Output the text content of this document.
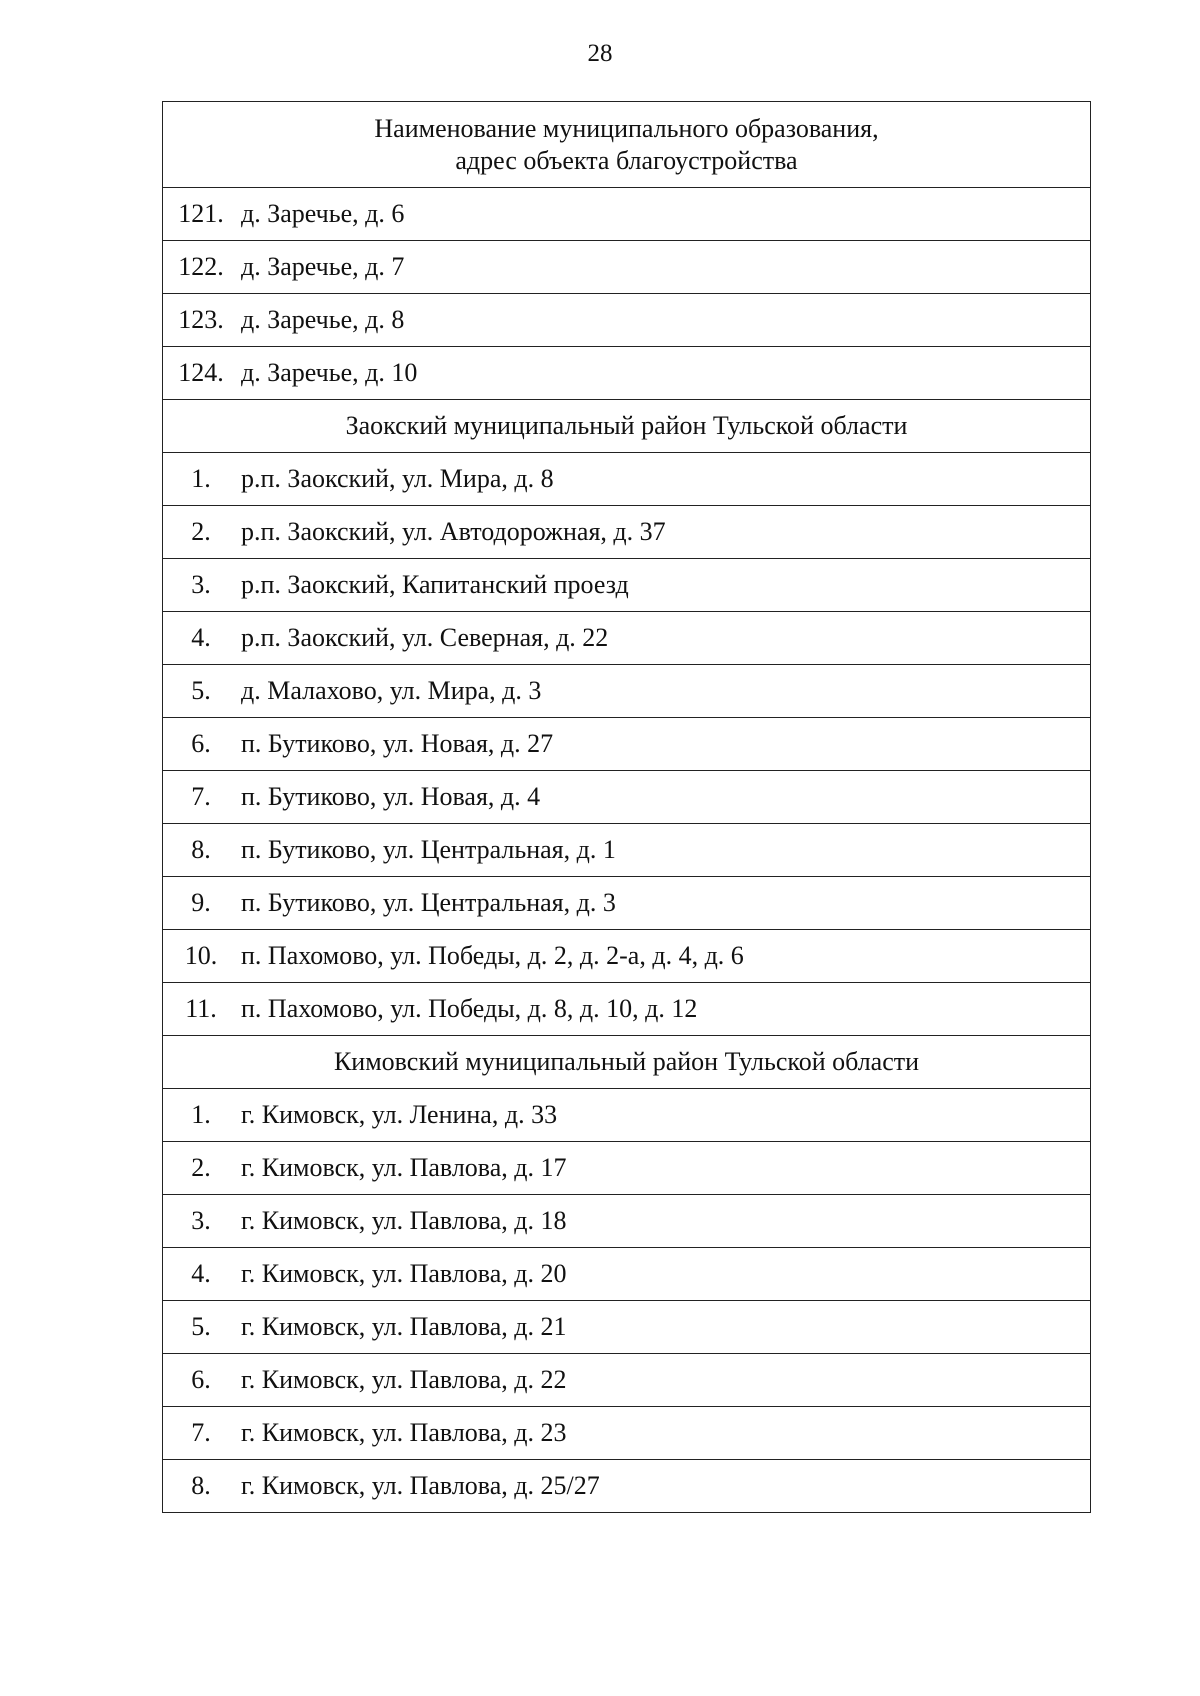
28
Наименование муниципального образования,
адрес объекта благоустройства	

121.	д. Заречье, д. 6
122.	д. Заречье, д. 7
123.	д. Заречье, д. 8
124.	д. Заречье, д. 10
Заокский муниципальный район Тульской области	
1.	р.п. Заокский, ул. Мира, д. 8
2.	р.п. Заокский, ул. Автодорожная, д. 37
3.	р.п. Заокский, Капитанский проезд
4.	р.п. Заокский, ул. Северная, д. 22
5.	д. Малахово, ул. Мира, д. 3
6.	п. Бутиково, ул. Новая, д. 27
7.	п. Бутиково, ул. Новая, д. 4
8.	п. Бутиково, ул. Центральная, д. 1
9.	п. Бутиково, ул. Центральная, д. 3
10.	п. Пахомово, ул. Победы, д. 2, д. 2-а, д. 4, д. 6
11.	п. Пахомово, ул. Победы, д. 8, д. 10, д. 12
Кимовский муниципальный район Тульской области	
1.	г. Кимовск, ул. Ленина, д. 33
2.	г. Кимовск, ул. Павлова, д. 17
3.	г. Кимовск, ул. Павлова, д. 18
4.	г. Кимовск, ул. Павлова, д. 20
5.	г. Кимовск, ул. Павлова, д. 21
6.	г. Кимовск, ул. Павлова, д. 22
7.	г. Кимовск, ул. Павлова, д. 23
8.	г. Кимовск, ул. Павлова, д. 25/27
